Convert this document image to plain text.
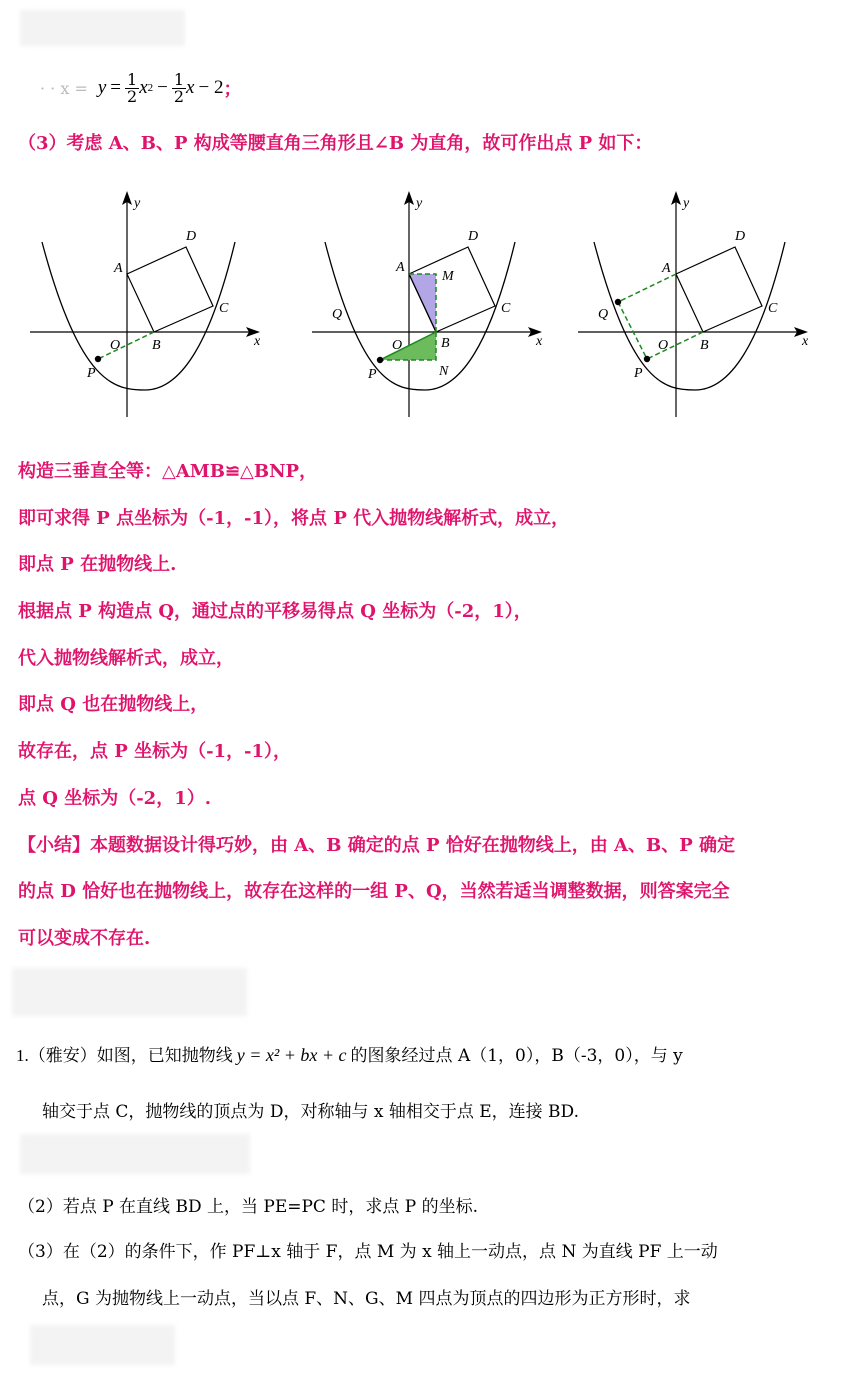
· · $x = y = \frac{1}{2}$ x $2 - \frac{1}{2}$ x − 2 ；
（3）考虑 A、B、P 构成等腰直角三角形且∠B 为直角，故可作出点 P 如下：
y
x
A
D
C
B
O
P
y
x
A
M
D
C
Q
O	B
N
P
y
x
A
D
C
Q
O B
P
构造三垂直全等：△AMB≌△BNP，
即可求得 P 点坐标为（-1，-1），将点 P 代入抛物线解析式，成立，
即点 P 在抛物线上.
根据点 P 构造点 Q，通过点的平移易得点 Q 坐标为（-2，1），
代入抛物线解析式，成立，
即点 Q 也在抛物线上，
故存在，点 P 坐标为（-1，-1），
点 Q 坐标为（-2，1）.
【小结】本题数据设计得巧妙，由 A、B 确定的点 P 恰好在抛物线上，由 A、B、P 确定
的点 D 恰好也在抛物线上，故存在这样的一组 P、Q，当然若适当调整数据，则答案完全
可以变成不存在.
1. （雅安）如图，已知抛物线 y = x² + bx + c 的图象经过点 A（1，0），B（-3，0），与 y
轴交于点 C，抛物线的顶点为 D，对称轴与 x 轴相交于点 E，连接 BD.
（2）若点 P 在直线 BD 上，当 PE=PC 时，求点 P 的坐标.
（3）在（2）的条件下，作 PF⊥x 轴于 F，点 M 为 x 轴上一动点，点 N 为直线 PF 上一动
点，G 为抛物线上一动点，当以点 F、N、G、M 四点为顶点的四边形为正方形时，求
